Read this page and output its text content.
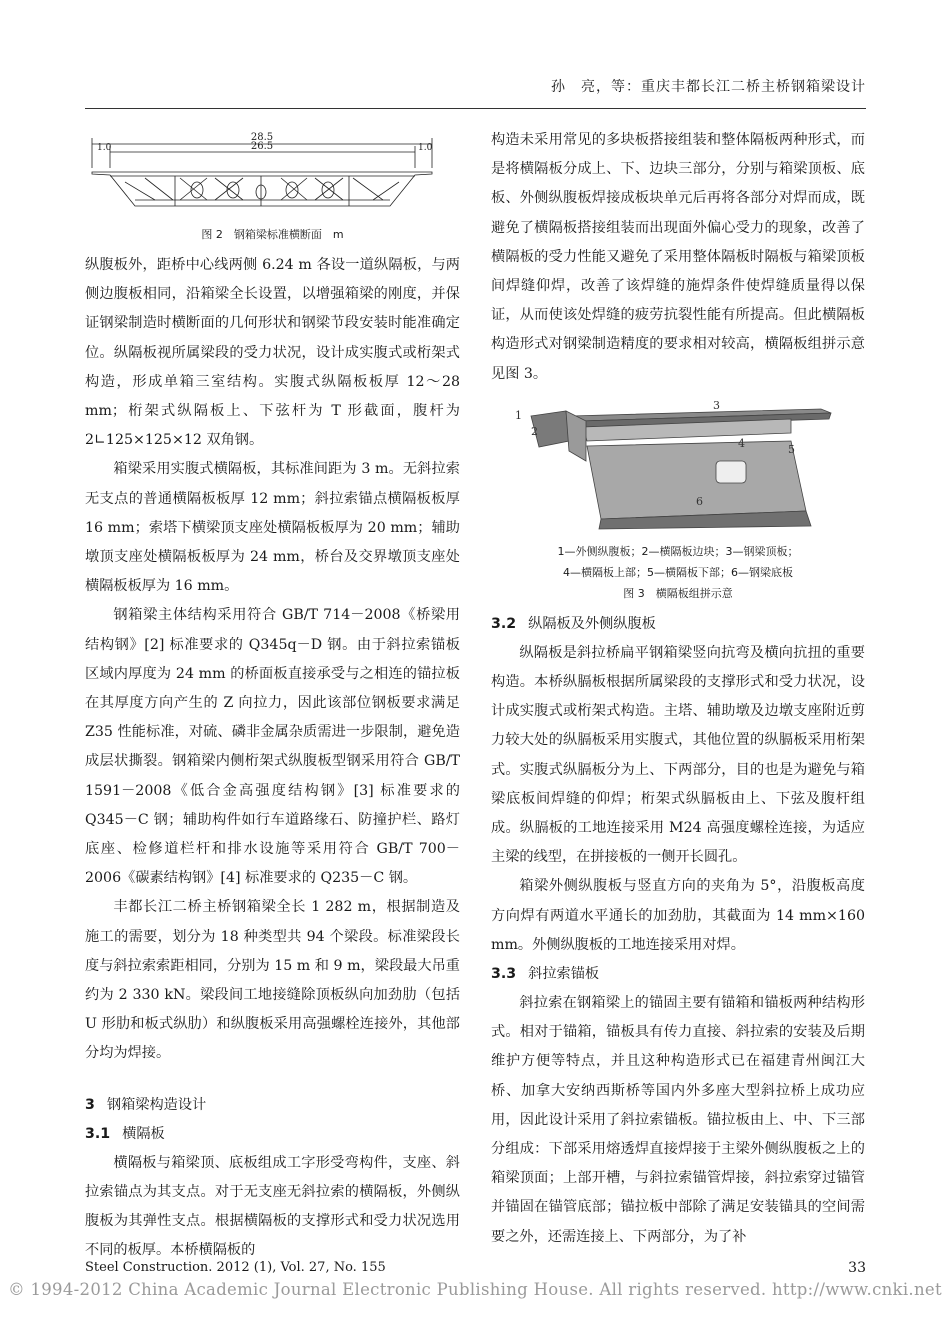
孙　亮，等：重庆丰都长江二桥主桥钢箱梁设计
28.5
26.5
1.0	1.0
图 2　钢箱梁标准横断面　m

纵腹板外，距桥中心线两侧 6.24 m 各设一道纵隔板，与两侧边腹板相同，沿箱梁全长设置，以增强箱梁的刚度，并保证钢梁制造时横断面的几何形状和钢梁节段安装时能准确定位。纵隔板视所属梁段的受力状况，设计成实腹式或桁架式构造，形成单箱三室结构。实腹式纵隔板板厚 12～28 mm；桁架式纵隔板上、下弦杆为 T 形截面，腹杆为 2∟125×125×12 双角钢。

箱梁采用实腹式横隔板，其标准间距为 3 m。无斜拉索无支点的普通横隔板板厚 12 mm；斜拉索锚点横隔板板厚 16 mm；索塔下横梁顶支座处横隔板板厚为 20 mm；辅助墩顶支座处横隔板板厚为 24 mm，桥台及交界墩顶支座处横隔板板厚为 16 mm。

钢箱梁主体结构采用符合 GB/T 714－2008《桥梁用结构钢》[2] 标准要求的 Q345q－D 钢。由于斜拉索锚板区域内厚度为 24 mm 的桥面板直接承受与之相连的锚拉板在其厚度方向产生的 Z 向拉力，因此该部位钢板要求满足 Z35 性能标准，对硫、磷非金属杂质需进一步限制，避免造成层状撕裂。钢箱梁内侧桁架式纵腹板型钢采用符合 GB/T 1591－2008《低合金高强度结构钢》[3] 标准要求的 Q345－C 钢；辅助构件如行车道路缘石、防撞护栏、路灯底座、检修道栏杆和排水设施等采用符合 GB/T 700－2006《碳素结构钢》[4] 标准要求的 Q235－C 钢。

丰都长江二桥主桥钢箱梁全长 1 282 m，根据制造及施工的需要，划分为 18 种类型共 94 个梁段。标准梁段长度与斜拉索索距相同，分别为 15 m 和 9 m，梁段最大吊重约为 2 330 kN。梁段间工地接缝除顶板纵向加劲肋（包括 U 形肋和板式纵肋）和纵腹板采用高强螺栓连接外，其他部分均为焊接。

3 钢箱梁构造设计
3.1 横隔板

横隔板与箱梁顶、底板组成工字形受弯构件，支座、斜拉索锚点为其支点。对于无支座无斜拉索的横隔板，外侧纵腹板为其弹性支点。根据横隔板的支撑形式和受力状况选用不同的板厚。本桥横隔板的

构造未采用常见的多块板搭接组装和整体隔板两种形式，而是将横隔板分成上、下、边块三部分，分别与箱梁顶板、底板、外侧纵腹板焊接成板块单元后再将各部分对焊而成，既避免了横隔板搭接组装而出现面外偏心受力的现象，改善了横隔板的受力性能又避免了采用整体隔板时隔板与箱梁顶板间焊缝仰焊，改善了该焊缝的施焊条件使焊缝质量得以保证，从而使该处焊缝的疲劳抗裂性能有所提高。但此横隔板构造形式对钢梁制造精度的要求相对较高，横隔板组拼示意见图 3。

1
2
3
4	5
6
1—外侧纵腹板；2—横隔板边块；3—钢梁顶板；
4—横隔板上部；5—横隔板下部；6—钢梁底板
图 3　横隔板组拼示意
3.2 纵隔板及外侧纵腹板

纵隔板是斜拉桥扁平钢箱梁竖向抗弯及横向抗扭的重要构造。本桥纵膈板根据所属梁段的支撑形式和受力状况，设计成实腹式或桁架式构造。主塔、辅助墩及边墩支座附近剪力较大处的纵膈板采用实腹式，其他位置的纵膈板采用桁架式。实腹式纵膈板分为上、下两部分，目的也是为避免与箱梁底板间焊缝的仰焊；桁架式纵膈板由上、下弦及腹杆组成。纵膈板的工地连接采用 M24 高强度螺栓连接，为适应主梁的线型，在拼接板的一侧开长圆孔。

箱梁外侧纵腹板与竖直方向的夹角为 5°，沿腹板高度方向焊有两道水平通长的加劲肋，其截面为 14 mm×160 mm。外侧纵腹板的工地连接采用对焊。

3.3 斜拉索锚板

斜拉索在钢箱梁上的锚固主要有锚箱和锚板两种结构形式。相对于锚箱，锚板具有传力直接、斜拉索的安装及后期维护方便等特点，并且这种构造形式已在福建青州闽江大桥、加拿大安纳西斯桥等国内外多座大型斜拉桥上成功应用，因此设计采用了斜拉索锚板。锚拉板由上、中、下三部分组成：下部采用熔透焊直接焊接于主梁外侧纵腹板之上的箱梁顶面；上部开槽，与斜拉索锚管焊接，斜拉索穿过锚管并锚固在锚管底部；锚拉板中部除了满足安装锚具的空间需要之外，还需连接上、下两部分，为了补

Steel Construction. 2012 (1), Vol. 27, No. 155	33
© 1994-2012 China Academic Journal Electronic Publishing House. All rights reserved. http://www.cnki.net
